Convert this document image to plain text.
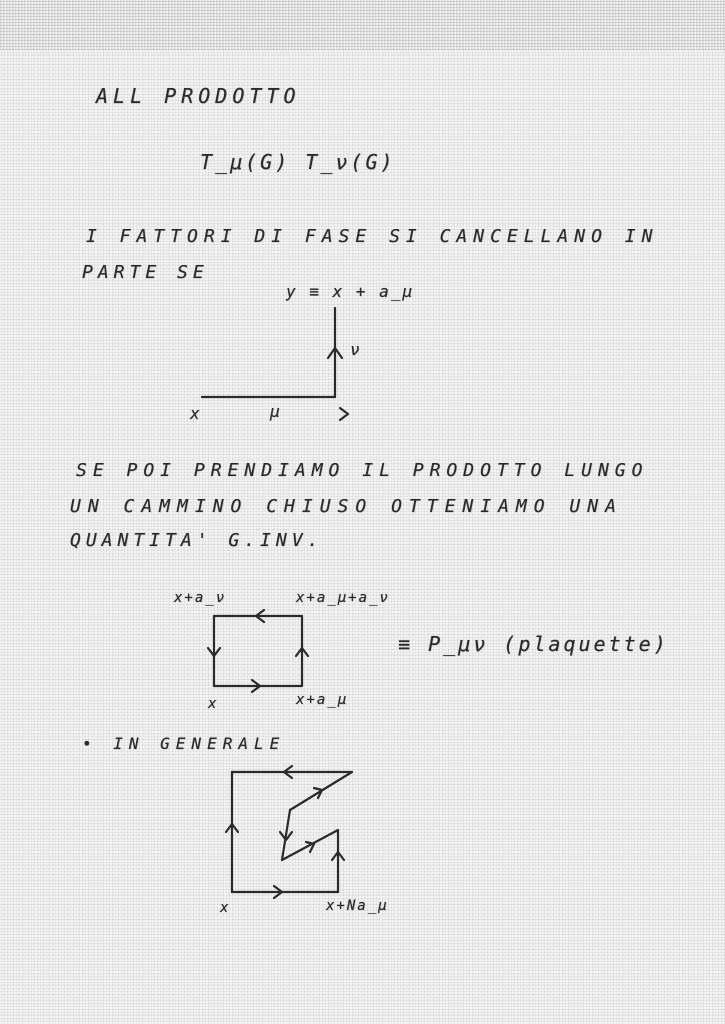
ALL PRODOTTO
T_μ(G) T_ν(G)
I FATTORI DI FASE SI CANCELLANO IN
PARTE SE
y ≡ x + a_μ
ν
μ
x
SE POI PRENDIAMO IL PRODOTTO LUNGO
UN CAMMINO CHIUSO OTTENIAMO UNA
QUANTITA' G.INV.
x+a_ν	x+a_μ+a_ν
x	x+a_μ
≡ P_μν (plaquette)
• IN GENERALE
x	x+Na_μ
